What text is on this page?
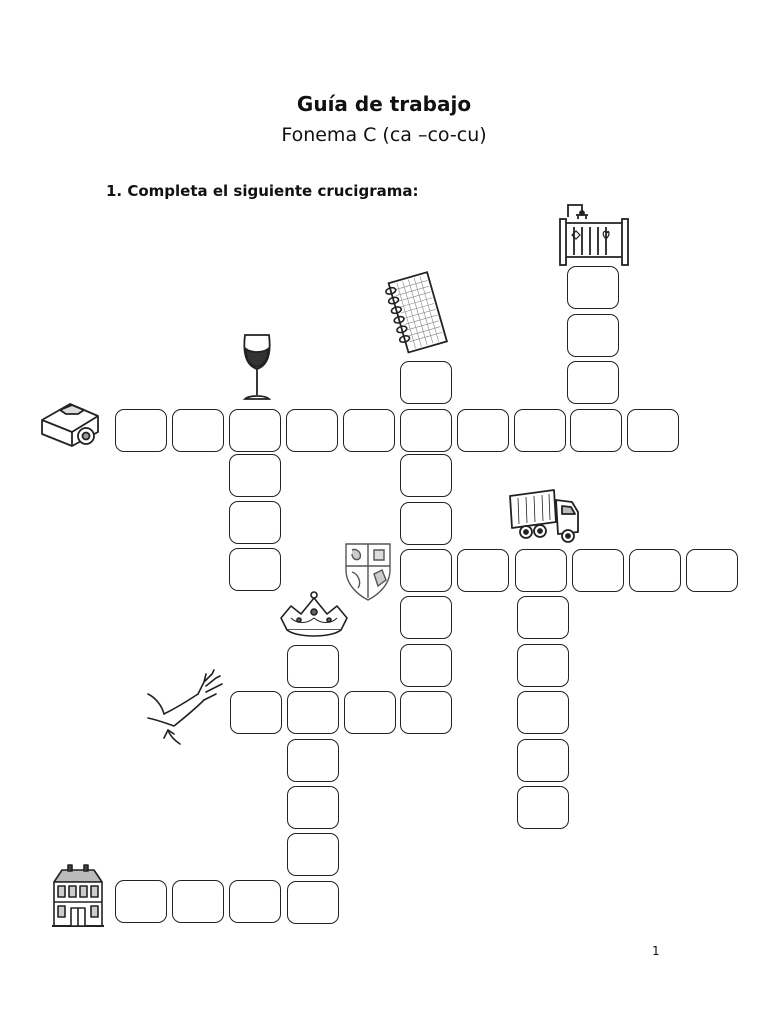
Guía de trabajo
Fonema C (ca –co-cu)
1. Completa el siguiente crucigrama:
1
